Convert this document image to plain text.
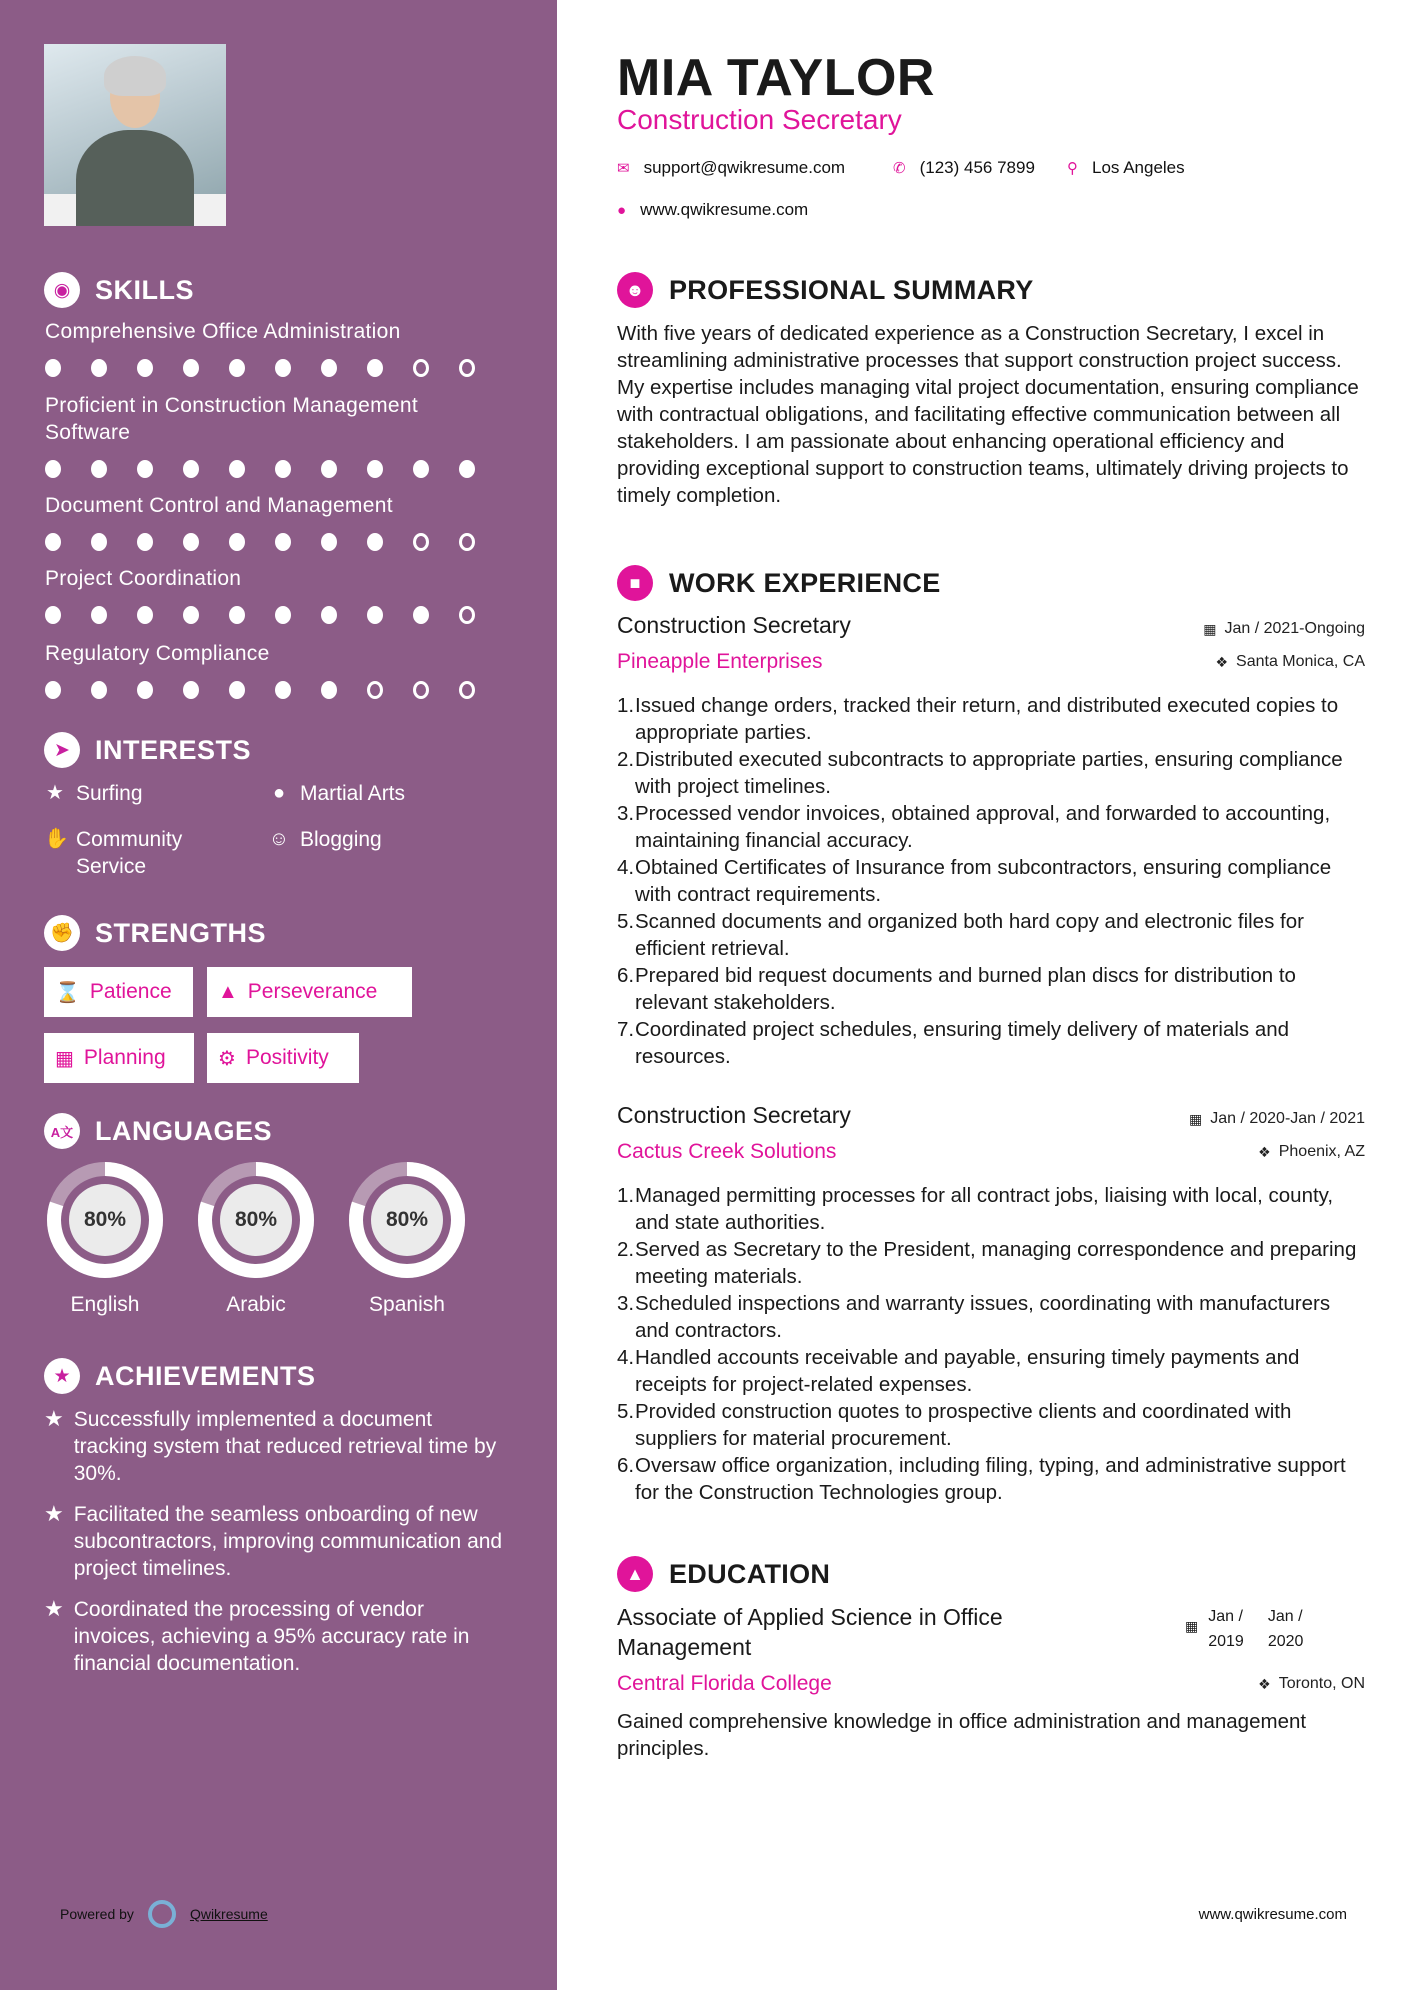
◉ SKILLS
Comprehensive Office Administration
Proficient in Construction Management Software
Document Control and Management
Project Coordination
Regulatory Compliance
➤ INTERESTS
★ Surfing	● Martial Arts
✋ Community Service
☺ Blogging
✊ STRENGTHS
⌛ Patience ▲ Perseverance
▦ Planning	⚙ Positivity
A文 LANGUAGES
80%
English
80%
Arabic
80%
Spanish
★ ACHIEVEMENTS
★ Successfully implemented a document tracking system that reduced retrieval time by 30%.
★ Facilitated the seamless onboarding of new subcontractors, improving communication and project timelines.
★ Coordinated the processing of vendor invoices, achieving a 95% accuracy rate in financial documentation.
Powered by	Qwikresume
MIA TAYLOR
Construction Secretary
✉ support@qwikresume.com	✆ (123) 456 7899 ⚲ Los Angeles
● www.qwikresume.com
☻ PROFESSIONAL SUMMARY
With five years of dedicated experience as a Construction Secretary, I excel in streamlining administrative processes that support construction project success. My expertise includes managing vital project documentation, ensuring compliance with contractual obligations, and facilitating effective communication between all stakeholders. I am passionate about enhancing operational efficiency and providing exceptional support to construction teams, ultimately driving projects to timely completion.
■	WORK EXPERIENCE
Construction Secretary	▦ Jan / 2021-Ongoing
Pineapple Enterprises	❖ Santa Monica, CA
1. Issued change orders, tracked their return, and distributed executed copies to appropriate parties.
2. Distributed executed subcontracts to appropriate parties, ensuring compliance with project timelines.
3. Processed vendor invoices, obtained approval, and forwarded to accounting, maintaining financial accuracy.
4. Obtained Certificates of Insurance from subcontractors, ensuring compliance with contract requirements.
5. Scanned documents and organized both hard copy and electronic files for efficient retrieval.
6. Prepared bid request documents and burned plan discs for distribution to relevant stakeholders.
7. Coordinated project schedules, ensuring timely delivery of materials and resources.
Construction Secretary	▦ Jan / 2020-Jan / 2021
Cactus Creek Solutions	❖ Phoenix, AZ
1. Managed permitting processes for all contract jobs, liaising with local, county, and state authorities.
2. Served as Secretary to the President, managing correspondence and preparing meeting materials.
3. Scheduled inspections and warranty issues, coordinating with manufacturers and contractors.
4. Handled accounts receivable and payable, ensuring timely payments and receipts for project-related expenses.
5. Provided construction quotes to prospective clients and coordinated with suppliers for material procurement.
6. Oversaw office organization, including filing, typing, and administrative support for the Construction Technologies group.
▲ EDUCATION
Associate of Applied Science in Office Management
▦
Jan /
2019
Jan /
2020
Central Florida College	❖ Toronto, ON
Gained comprehensive knowledge in office administration and management principles.
www.qwikresume.com
